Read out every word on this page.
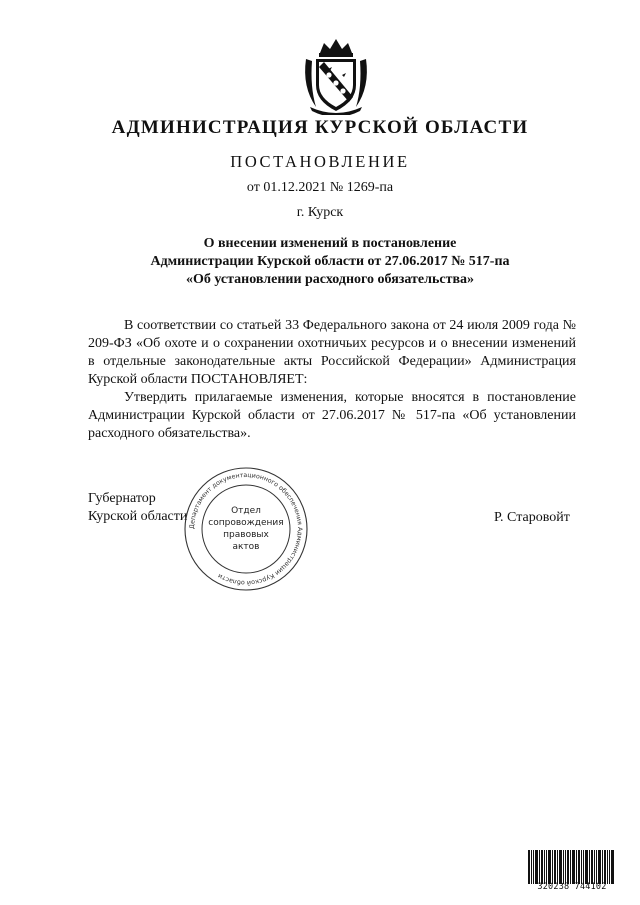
АДМИНИСТРАЦИЯ КУРСКОЙ ОБЛАСТИ
ПОСТАНОВЛЕНИЕ
от 01.12.2021 № 1269-па
г. Курск
О внесении изменений в постановление
Администрации Курской области от 27.06.2017 № 517-па
«Об установлении расходного обязательства»

В соответствии со статьей 33 Федерального закона от 24 июля 2009 года № 209-ФЗ «Об охоте и о сохранении охотничьих ресурсов и о внесении изменений в отдельные законодательные акты Российской Федерации» Администрация Курской области ПОСТАНОВЛЯЕТ:

Утвердить прилагаемые изменения, которые вносятся в постановление Администрации Курской области от 27.06.2017 № 517-па «Об установлении расходного обязательства».

Губернатор
Курской области	Р. Старовойт
Департамент документационного обеспечения Администрации Курской области
Отдел
сопровождения
правовых
актов
320238 744102
